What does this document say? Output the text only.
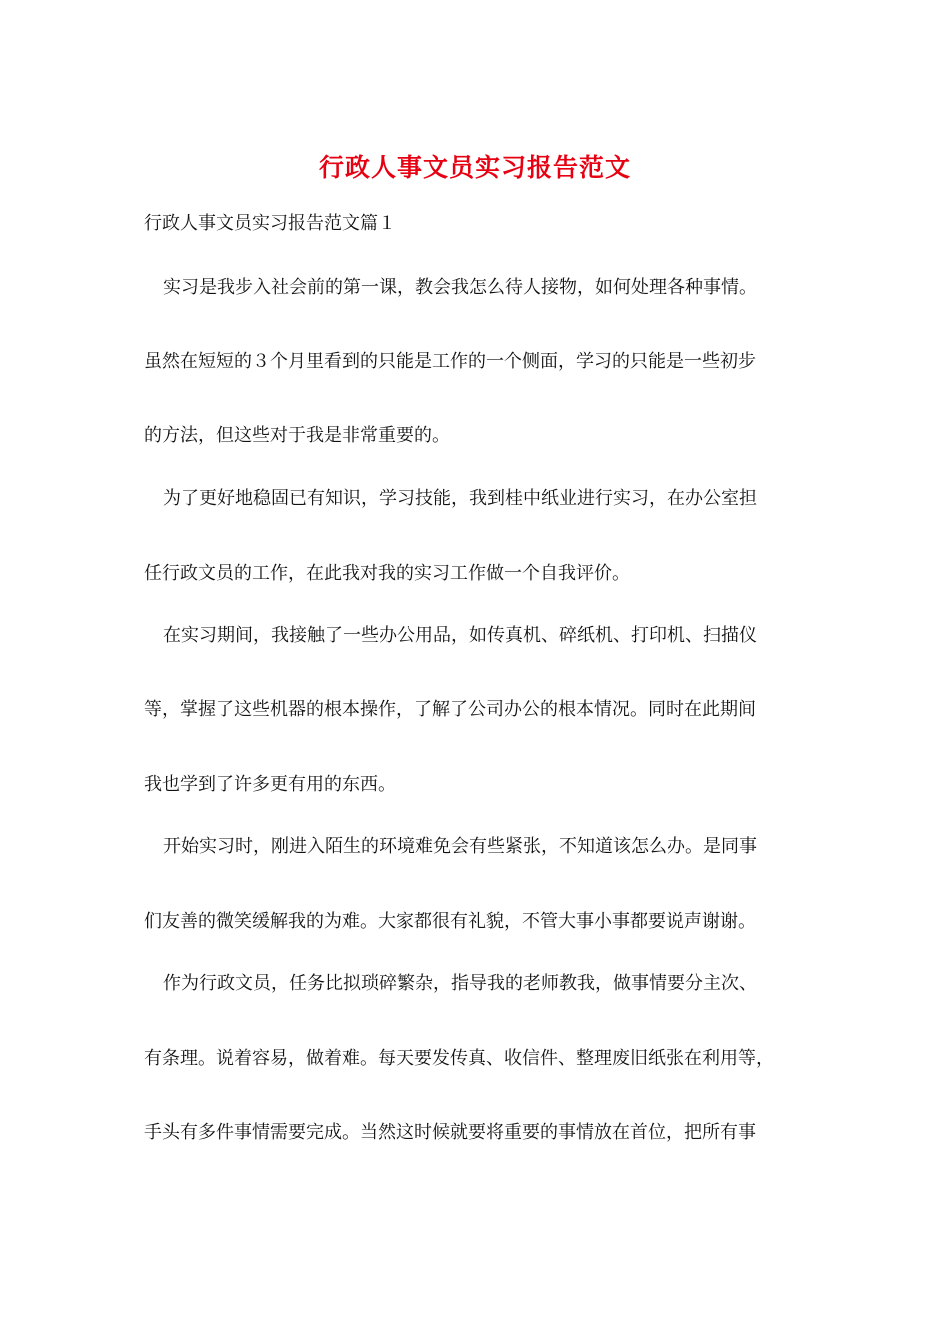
行政人事文员实习报告范文
行政人事文员实习报告范文篇１
实习是我步入社会前的第一课，教会我怎么待人接物，如何处理各种事情。
虽然在短短的３个月里看到的只能是工作的一个侧面，学习的只能是一些初步
的方法，但这些对于我是非常重要的。
为了更好地稳固已有知识，学习技能，我到桂中纸业进行实习，在办公室担
任行政文员的工作，在此我对我的实习工作做一个自我评价。
在实习期间，我接触了一些办公用品，如传真机、碎纸机、打印机、扫描仪
等，掌握了这些机器的根本操作，了解了公司办公的根本情况。同时在此期间
我也学到了许多更有用的东西。
开始实习时，刚进入陌生的环境难免会有些紧张，不知道该怎么办。是同事
们友善的微笑缓解我的为难。大家都很有礼貌，不管大事小事都要说声谢谢。
作为行政文员，任务比拟琐碎繁杂，指导我的老师教我，做事情要分主次、
有条理。说着容易，做着难。每天要发传真、收信件、整理废旧纸张在利用等，
手头有多件事情需要完成。当然这时候就要将重要的事情放在首位，把所有事
